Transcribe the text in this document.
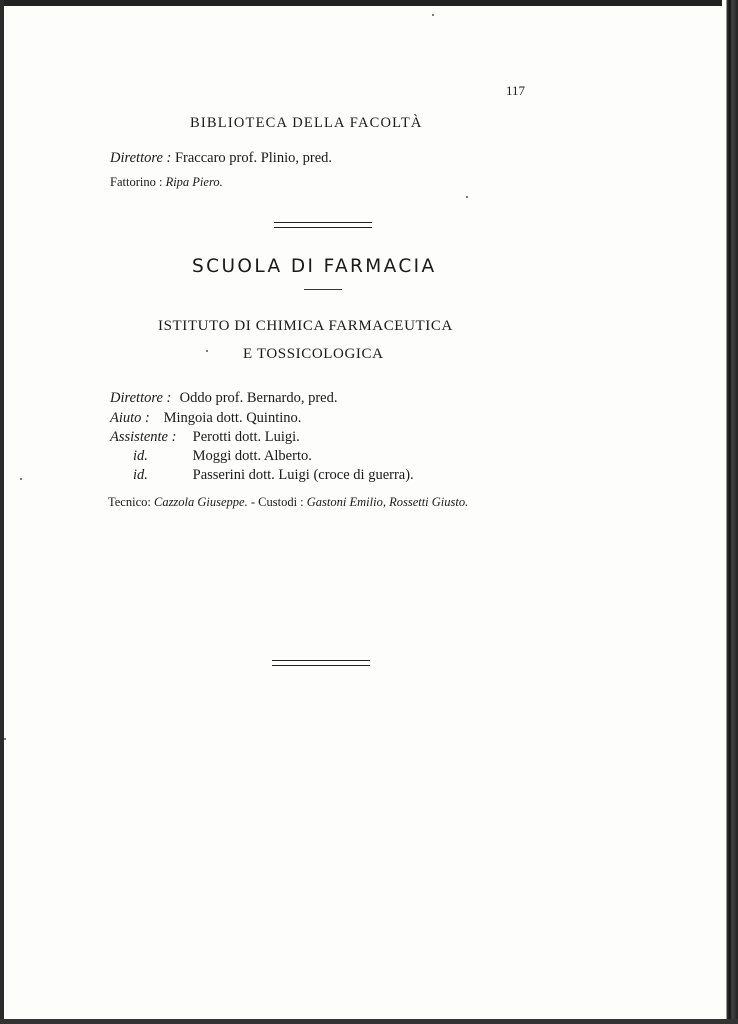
117
BIBLIOTECA DELLA FACOLTÀ
Direttore : Fraccaro prof. Plinio, pred.
Fattorino : Ripa Piero.
SCUOLA DI FARMACIA
ISTITUTO DI CHIMICA FARMACEUTICA
E TOSSICOLOGICA
Direttore : Oddo prof. Bernardo, pred.
Aiuto : Mingoia dott. Quintino.
Assistente : Perotti dott. Luigi.
id.	Moggi dott. Alberto.
id.	Passerini dott. Luigi (croce di guerra).
Tecnico: Cazzola Giuseppe. - Custodi : Gastoni Emilio, Rossetti Giusto.
